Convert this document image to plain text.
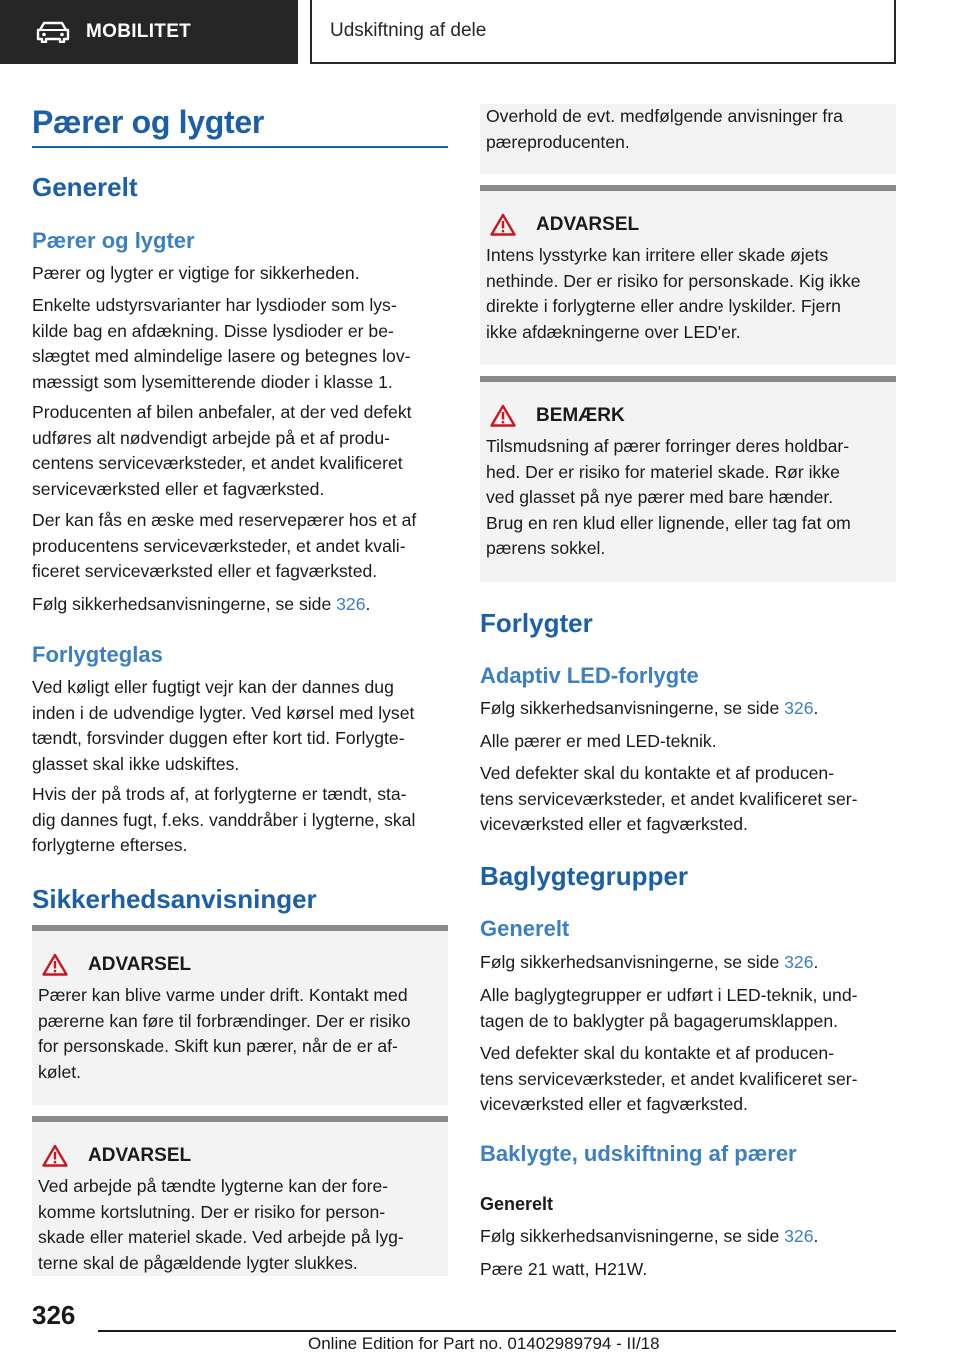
MOBILITET	Udskiftning af dele
Pærer og lygter
Generelt
Pærer og lygter

Pærer og lygter er vigtige for sikkerheden.

Enkelte udstyrsvarianter har lysdioder som lys-
kilde bag en afdækning. Disse lysdioder er be-
slægtet med almindelige lasere og betegnes lov-
mæssigt som lysemitterende dioder i klasse 1.

Producenten af bilen anbefaler, at der ved defekt
udføres alt nødvendigt arbejde på et af produ-
centens serviceværksteder, et andet kvalificeret
serviceværksted eller et fagværksted.

Der kan fås en æske med reservepærer hos et af
producentens serviceværksteder, et andet kvali-
ficeret serviceværksted eller et fagværksted.

Følg sikkerhedsanvisningerne, se side 326.

Forlygteglas

Ved køligt eller fugtigt vejr kan der dannes dug
inden i de udvendige lygter. Ved kørsel med lyset
tændt, forsvinder duggen efter kort tid. Forlygte-
glasset skal ikke udskiftes.

Hvis der på trods af, at forlygterne er tændt, sta-
dig dannes fugt, f.eks. vanddråber i lygterne, skal
forlygterne efterses.

Sikkerhedsanvisninger
ADVARSEL

Pærer kan blive varme under drift. Kontakt med
pærerne kan føre til forbrændinger. Der er risiko
for personskade. Skift kun pærer, når de er af-
kølet.

ADVARSEL

Ved arbejde på tændte lygterne kan der fore-
komme kortslutning. Der er risiko for person-
skade eller materiel skade. Ved arbejde på lyg-
terne skal de pågældende lygter slukkes.

Overhold de evt. medfølgende anvisninger fra
pæreproducenten.

ADVARSEL

Intens lysstyrke kan irritere eller skade øjets
nethinde. Der er risiko for personskade. Kig ikke
direkte i forlygterne eller andre lyskilder. Fjern
ikke afdækningerne over LED'er.

BEMÆRK

Tilsmudsning af pærer forringer deres holdbar-
hed. Der er risiko for materiel skade. Rør ikke
ved glasset på nye pærer med bare hænder.
Brug en ren klud eller lignende, eller tag fat om
pærens sokkel.

Forlygter
Adaptiv LED-forlygte

Følg sikkerhedsanvisningerne, se side 326.

Alle pærer er med LED-teknik.

Ved defekter skal du kontakte et af producen-
tens serviceværksteder, et andet kvalificeret ser-
viceværksted eller et fagværksted.

Baglygtegrupper
Generelt

Følg sikkerhedsanvisningerne, se side 326.

Alle baglygtegrupper er udført i LED-teknik, und-
tagen de to baklygter på bagagerumsklappen.

Ved defekter skal du kontakte et af producen-
tens serviceværksteder, et andet kvalificeret ser-
viceværksted eller et fagværksted.

Baklygte, udskiftning af pærer
Generelt

Følg sikkerhedsanvisningerne, se side 326.

Pære 21 watt, H21W.

326
Online Edition for Part no. 01402989794 - II/18
